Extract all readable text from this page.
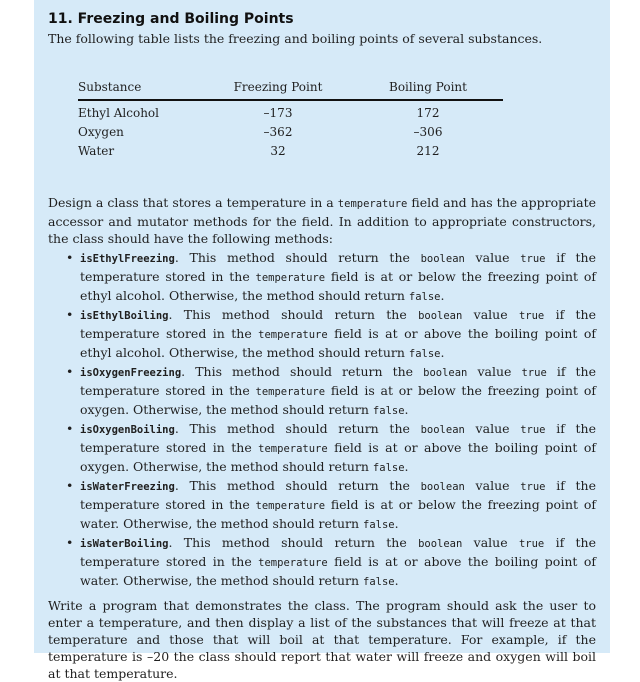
11. Freezing and Boiling Points

The following table lists the freezing and boiling points of several substances.

Substance	Freezing Point	Boiling Point
Ethyl Alcohol	–173	172
Oxygen	–362	–306
Water	32	212

Design a class that stores a temperature in a temperature field and has the appropriate accessor and mutator methods for the field. In addition to appropriate constructors, the class should have the following methods:

• isEthylFreezing. This method should return the boolean value true if the temperature stored in the temperature field is at or below the freezing point of ethyl alcohol. Otherwise, the method should return false.
• isEthylBoiling. This method should return the boolean value true if the temperature stored in the temperature field is at or above the boiling point of ethyl alcohol. Otherwise, the method should return false.
• isOxygenFreezing. This method should return the boolean value true if the temperature stored in the temperature field is at or below the freezing point of oxygen. Otherwise, the method should return false.
• isOxygenBoiling. This method should return the boolean value true if the temperature stored in the temperature field is at or above the boiling point of oxygen. Otherwise, the method should return false.
• isWaterFreezing. This method should return the boolean value true if the temperature stored in the temperature field is at or below the freezing point of water. Otherwise, the method should return false.
• isWaterBoiling. This method should return the boolean value true if the temperature stored in the temperature field is at or above the boiling point of water. Otherwise, the method should return false.

Write a program that demonstrates the class. The program should ask the user to enter a temperature, and then display a list of the substances that will freeze at that temperature and those that will boil at that temperature. For example, if the temperature is –20 the class should report that water will freeze and oxygen will boil at that temperature.
